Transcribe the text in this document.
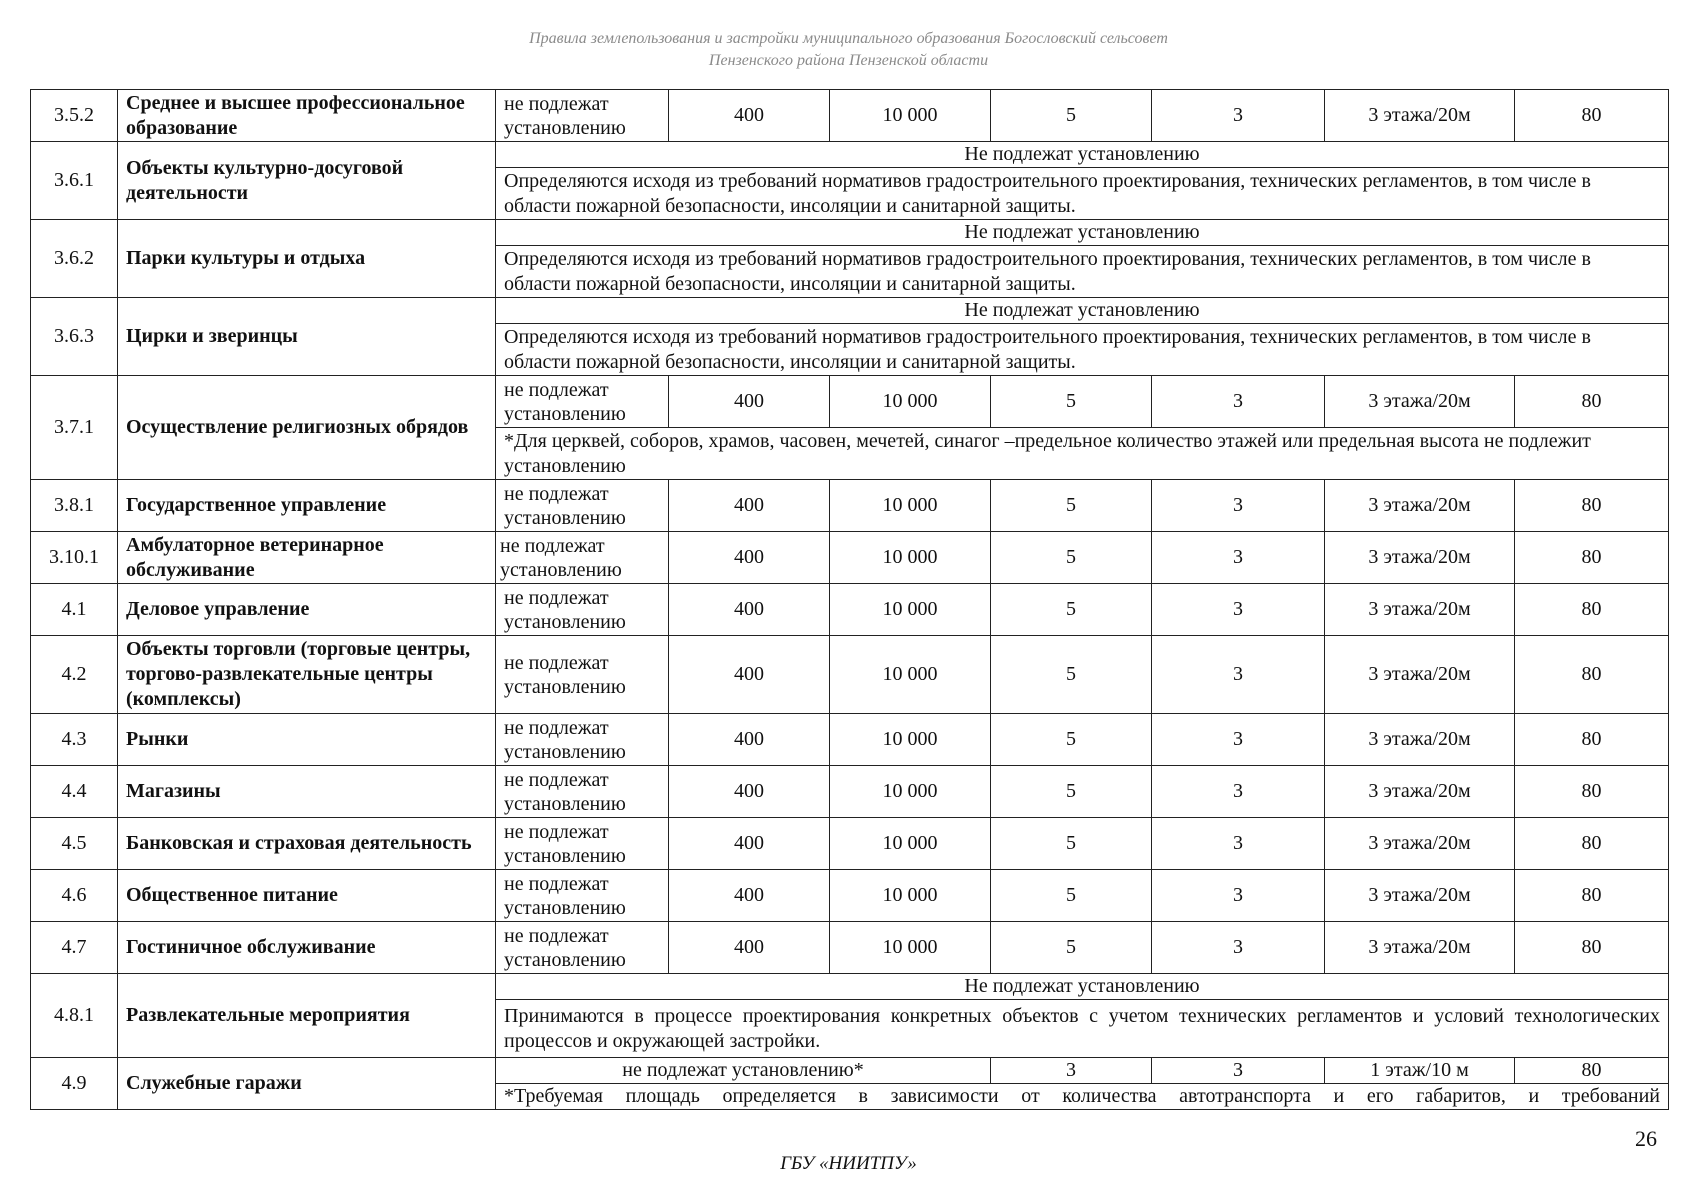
Правила землепользования и застройки муниципального образования Богословский сельсовет
Пензенского района Пензенской области
3.5.2	Среднее и высшее профессиональное образование	не подлежат установлению	400	10 000	5	3	3 этажа/20м	80
3.6.1	Объекты культурно-досуговой деятельности	Не подлежат установлению						
		Определяются исходя из требований нормативов градостроительного проектирования, технических регламентов, в том числе в области пожарной безопасности, инсоляции и санитарной защиты.						
3.6.2	Парки культуры и отдыха	Не подлежат установлению						
		Определяются исходя из требований нормативов градостроительного проектирования, технических регламентов, в том числе в области пожарной безопасности, инсоляции и санитарной защиты.						
3.6.3	Цирки и зверинцы	Не подлежат установлению						
		Определяются исходя из требований нормативов градостроительного проектирования, технических регламентов, в том числе в области пожарной безопасности, инсоляции и санитарной защиты.						
3.7.1	Осуществление религиозных обрядов	не подлежат установлению	400	10 000	5	3	3 этажа/20м	80
		*Для церквей, соборов, храмов, часовен, мечетей, синагог –предельное количество этажей или предельная высота не подлежит установлению						
3.8.1	Государственное управление	не подлежат установлению	400	10 000	5	3	3 этажа/20м	80
3.10.1	Амбулаторное ветеринарное обслуживание	не подлежат установлению	400	10 000	5	3	3 этажа/20м	80
4.1	Деловое управление	не подлежат установлению	400	10 000	5	3	3 этажа/20м	80
4.2	Объекты торговли (торговые центры, торгово-развлекательные центры (комплексы)	не подлежат установлению	400	10 000	5	3	3 этажа/20м	80
4.3	Рынки	не подлежат установлению	400	10 000	5	3	3 этажа/20м	80
4.4	Магазины	не подлежат установлению	400	10 000	5	3	3 этажа/20м	80
4.5	Банковская и страховая деятельность	не подлежат установлению	400	10 000	5	3	3 этажа/20м	80
4.6	Общественное питание	не подлежат установлению	400	10 000	5	3	3 этажа/20м	80
4.7	Гостиничное обслуживание	не подлежат установлению	400	10 000	5	3	3 этажа/20м	80
4.8.1	Развлекательные мероприятия	Не подлежат установлению						
		Принимаются в процессе проектирования конкретных объектов с учетом технических регламентов и условий технологических процессов и окружающей застройки.						
4.9	Служебные гаражи	не подлежат установлению*			3	3	1 этаж/10 м	80
		*Требуемая площадь определяется в зависимости от количества автотранспорта и его габаритов, и требований						
26
ГБУ «НИИТПУ»
